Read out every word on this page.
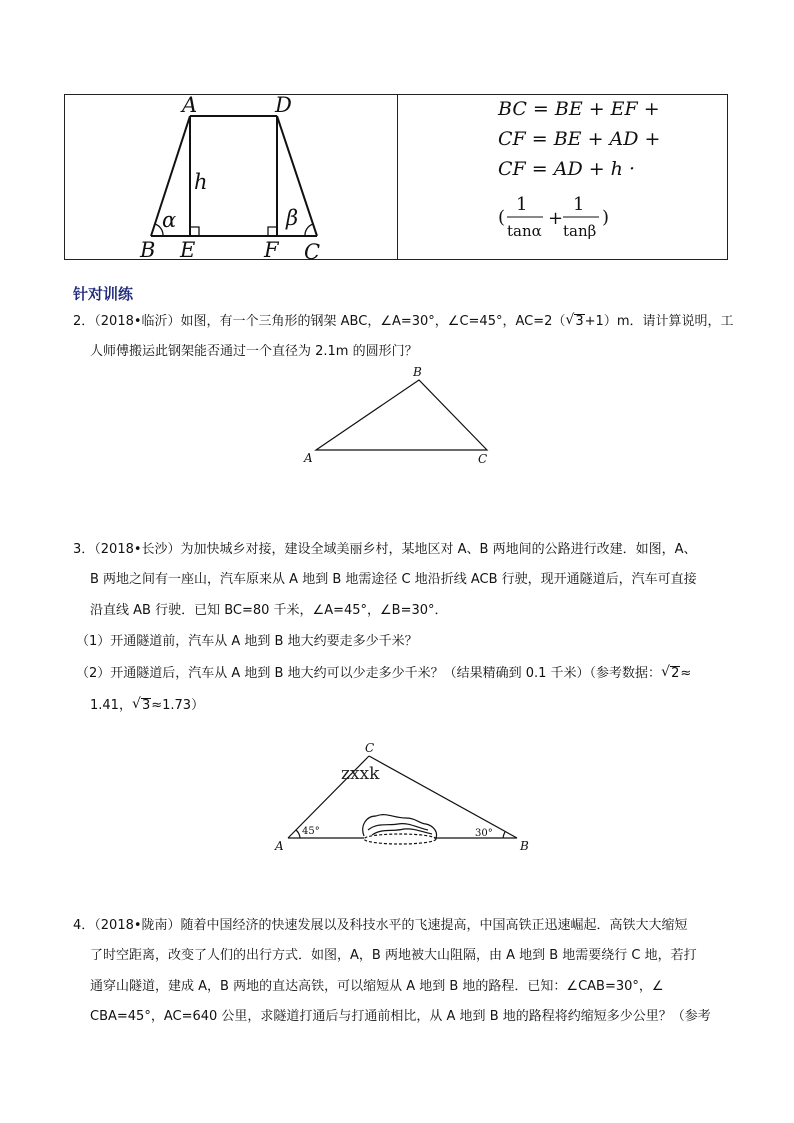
A	D
B E	F C
h
α	β
BC = BE + EF +
CF = BE + AD +
CF = AD + h ·
(
1
tanα
+
1
tanβ
)
针对训练
2．（2018•临沂）如图，有一个三角形的钢架 ABC，∠A=30°，∠C=45°，AC=2（ √ 3+1）m．请计算说明，工
人师傅搬运此钢架能否通过一个直径为 2.1m 的圆形门？
A
B
C
3．（2018•长沙）为加快城乡对接，建设全域美丽乡村，某地区对 A、B 两地间的公路进行改建．如图，A、
B 两地之间有一座山，汽车原来从 A 地到 B 地需途径 C 地沿折线 ACB 行驶，现开通隧道后，汽车可直接
沿直线 AB 行驶．已知 BC=80 千米，∠A=45°，∠B=30°．
（1）开通隧道前，汽车从 A 地到 B 地大约要走多少千米？
（2）开通隧道后，汽车从 A 地到 B 地大约可以少走多少千米？（结果精确到 0.1 千米）（参考数据： √ 2≈
1.41， √ 3≈1.73）
A	B
C
zxxk
45°	30°
4．（2018•陇南）随着中国经济的快速发展以及科技水平的飞速提高，中国高铁正迅速崛起．高铁大大缩短
了时空距离，改变了人们的出行方式．如图，A，B 两地被大山阻隔，由 A 地到 B 地需要绕行 C 地，若打
通穿山隧道，建成 A，B 两地的直达高铁，可以缩短从 A 地到 B 地的路程．已知：∠CAB=30°，∠
CBA=45°，AC=640 公里，求隧道打通后与打通前相比，从 A 地到 B 地的路程将约缩短多少公里？（参考
